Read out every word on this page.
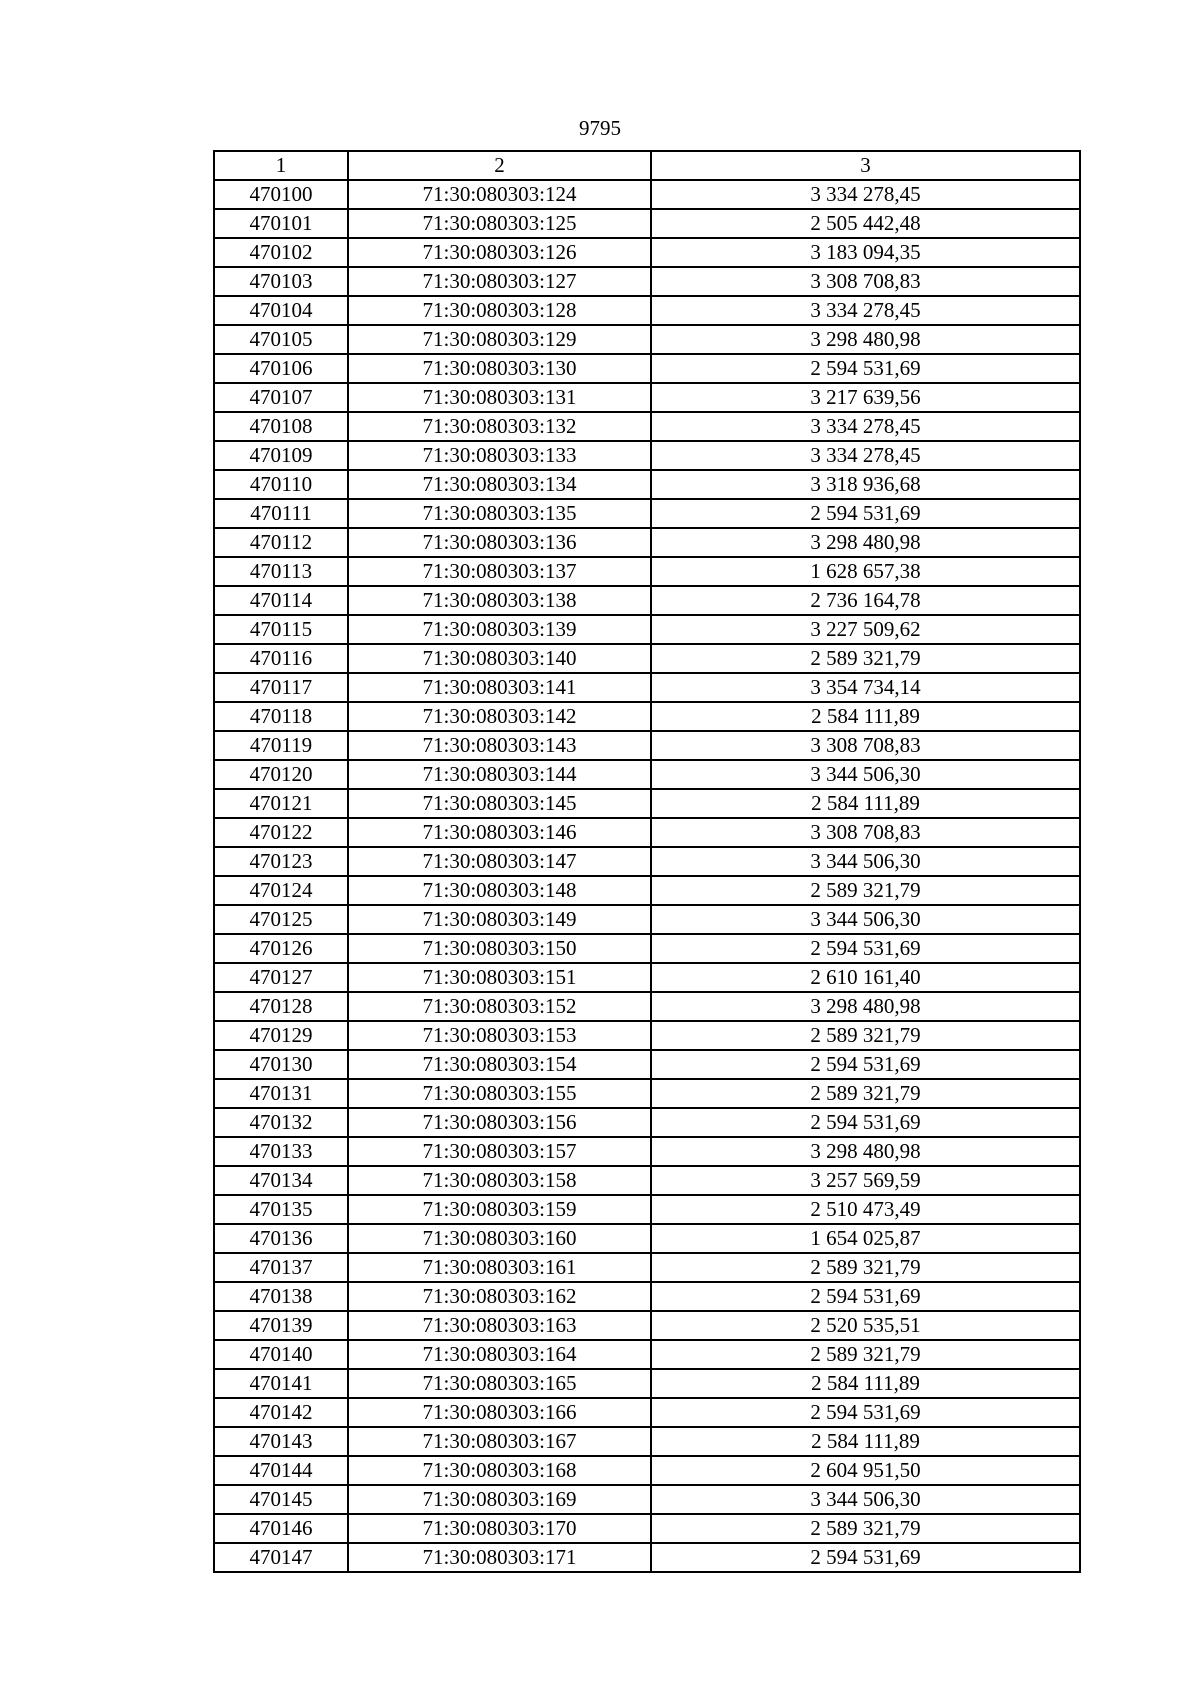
9795
1	2	3
470100	71:30:080303:124	3 334 278,45
470101	71:30:080303:125	2 505 442,48
470102	71:30:080303:126	3 183 094,35
470103	71:30:080303:127	3 308 708,83
470104	71:30:080303:128	3 334 278,45
470105	71:30:080303:129	3 298 480,98
470106	71:30:080303:130	2 594 531,69
470107	71:30:080303:131	3 217 639,56
470108	71:30:080303:132	3 334 278,45
470109	71:30:080303:133	3 334 278,45
470110	71:30:080303:134	3 318 936,68
470111	71:30:080303:135	2 594 531,69
470112	71:30:080303:136	3 298 480,98
470113	71:30:080303:137	1 628 657,38
470114	71:30:080303:138	2 736 164,78
470115	71:30:080303:139	3 227 509,62
470116	71:30:080303:140	2 589 321,79
470117	71:30:080303:141	3 354 734,14
470118	71:30:080303:142	2 584 111,89
470119	71:30:080303:143	3 308 708,83
470120	71:30:080303:144	3 344 506,30
470121	71:30:080303:145	2 584 111,89
470122	71:30:080303:146	3 308 708,83
470123	71:30:080303:147	3 344 506,30
470124	71:30:080303:148	2 589 321,79
470125	71:30:080303:149	3 344 506,30
470126	71:30:080303:150	2 594 531,69
470127	71:30:080303:151	2 610 161,40
470128	71:30:080303:152	3 298 480,98
470129	71:30:080303:153	2 589 321,79
470130	71:30:080303:154	2 594 531,69
470131	71:30:080303:155	2 589 321,79
470132	71:30:080303:156	2 594 531,69
470133	71:30:080303:157	3 298 480,98
470134	71:30:080303:158	3 257 569,59
470135	71:30:080303:159	2 510 473,49
470136	71:30:080303:160	1 654 025,87
470137	71:30:080303:161	2 589 321,79
470138	71:30:080303:162	2 594 531,69
470139	71:30:080303:163	2 520 535,51
470140	71:30:080303:164	2 589 321,79
470141	71:30:080303:165	2 584 111,89
470142	71:30:080303:166	2 594 531,69
470143	71:30:080303:167	2 584 111,89
470144	71:30:080303:168	2 604 951,50
470145	71:30:080303:169	3 344 506,30
470146	71:30:080303:170	2 589 321,79
470147	71:30:080303:171	2 594 531,69
